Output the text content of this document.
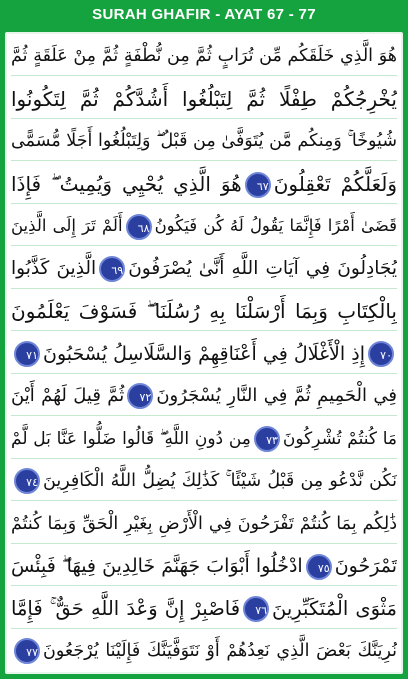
SURAH GHAFIR - AYAT 67 - 77
هُوَ الَّذِي خَلَقَكُم مِّن تُرَابٍ ثُمَّ مِن نُّطْفَةٍ ثُمَّ مِنْ عَلَقَةٍ ثُمَّ
يُخْرِجُكُمْ طِفْلًا ثُمَّ لِتَبْلُغُوا أَشُدَّكُمْ ثُمَّ لِتَكُونُوا
شُيُوخًا ۚ وَمِنكُم مَّن يُتَوَفَّىٰ مِن قَبْلُ ۖ وَلِتَبْلُغُوا أَجَلًا مُّسَمًّى
وَلَعَلَّكُمْ تَعْقِلُونَ٦٧هُوَ الَّذِي يُحْيِي وَيُمِيتُ ۖ فَإِذَا
قَضَىٰ أَمْرًا فَإِنَّمَا يَقُولُ لَهُ كُن فَيَكُونُ٦٨أَلَمْ تَرَ إِلَى الَّذِينَ
يُجَادِلُونَ فِي آيَاتِ اللَّهِ أَنَّىٰ يُصْرَفُونَ٦٩الَّذِينَ كَذَّبُوا
بِالْكِتَابِ وَبِمَا أَرْسَلْنَا بِهِ رُسُلَنَا ۖ فَسَوْفَ يَعْلَمُونَ
٧٠إِذِ الْأَغْلَالُ فِي أَعْنَاقِهِمْ وَالسَّلَاسِلُ يُسْحَبُونَ٧١
فِي الْحَمِيمِ ثُمَّ فِي النَّارِ يُسْجَرُونَ٧٢ثُمَّ قِيلَ لَهُمْ أَيْنَ
مَا كُنتُمْ تُشْرِكُونَ٧٣مِن دُونِ اللَّهِ ۖ قَالُوا ضَلُّوا عَنَّا بَل لَّمْ
نَكُن نَّدْعُو مِن قَبْلُ شَيْئًا ۚ كَذَٰلِكَ يُضِلُّ اللَّهُ الْكَافِرِينَ٧٤
ذَٰلِكُم بِمَا كُنتُمْ تَفْرَحُونَ فِي الْأَرْضِ بِغَيْرِ الْحَقِّ وَبِمَا كُنتُمْ
تَمْرَحُونَ٧٥ادْخُلُوا أَبْوَابَ جَهَنَّمَ خَالِدِينَ فِيهَا ۖ فَبِئْسَ
مَثْوَى الْمُتَكَبِّرِينَ٧٦فَاصْبِرْ إِنَّ وَعْدَ اللَّهِ حَقٌّ ۚ فَإِمَّا
نُرِيَنَّكَ بَعْضَ الَّذِي نَعِدُهُمْ أَوْ نَتَوَفَّيَنَّكَ فَإِلَيْنَا يُرْجَعُونَ٧٧
